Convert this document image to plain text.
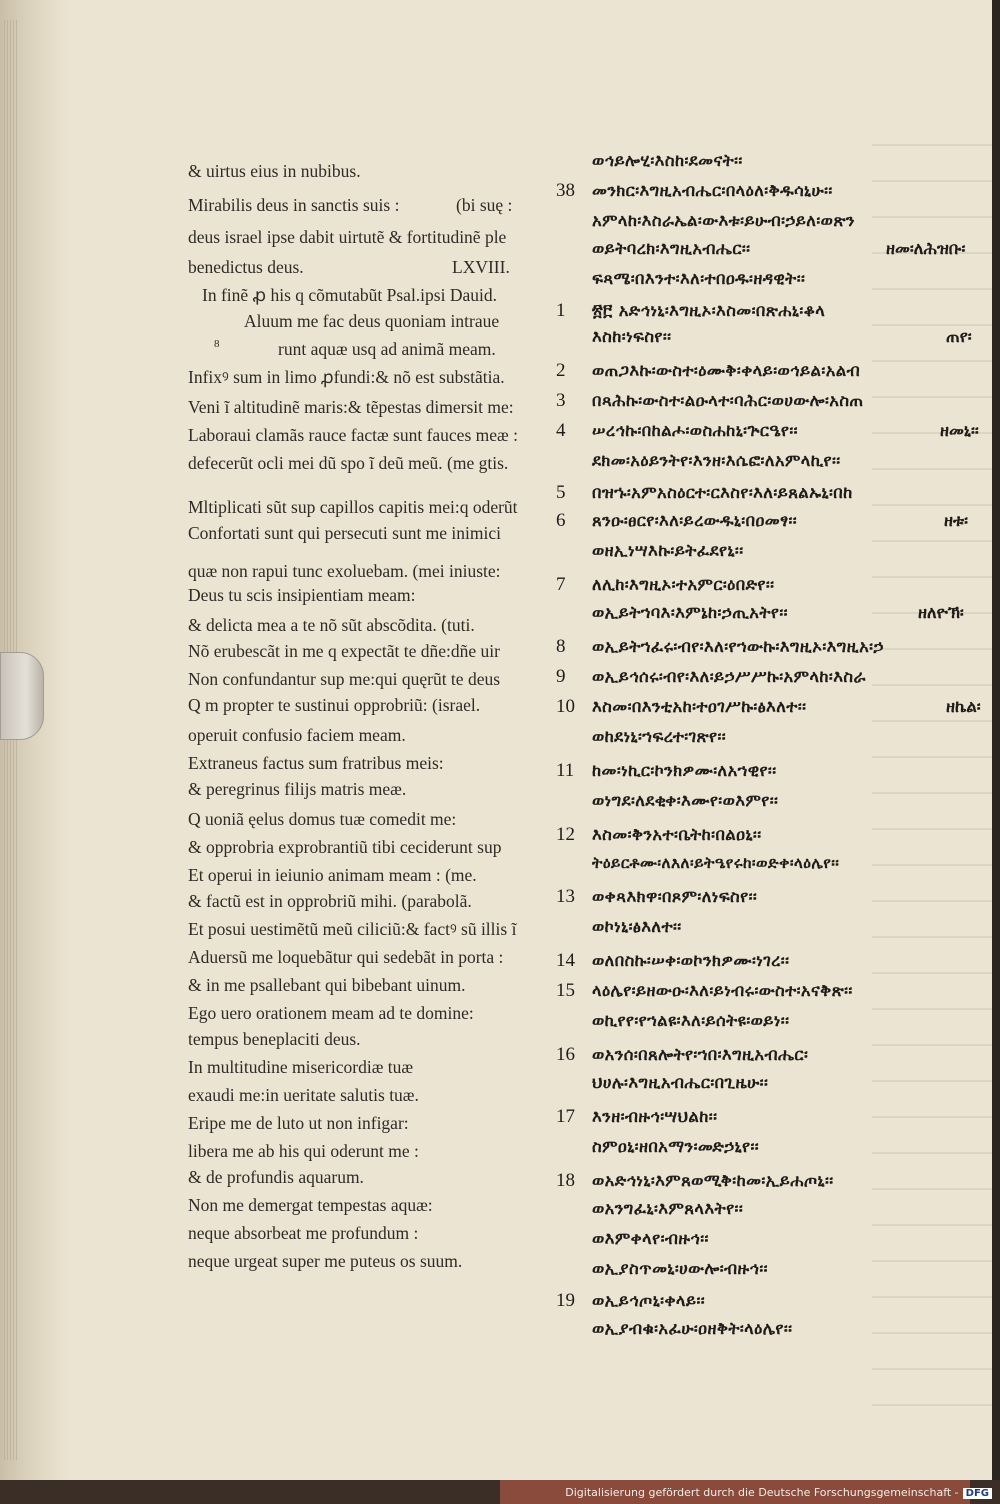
& uirtus eius in nubibus.
Mirabilis deus in sanctis suis :
deus israel ipse dabit uirtutẽ & fortitudinẽ ple
benedictus deus.
In finẽ ꝓ his q cõmutabũt Psal.ipsi Dauid.
Aluum me fac deus quoniam intraue
8	runt aquæ usq ad animã meam.
Infixꝰ sum in limo ꝓfundi:& nõ est substãtia.
Veni ĩ altitudinẽ maris:& tẽpestas dimersit me:
Laboraui clamãs rauce factæ sunt fauces meæ :
defecerũt ocli mei dũ spo ĩ deũ meũ. (me gtis.
Mltiplicati sũt sup capillos capitis mei:q oderũt
Confortati sunt qui persecuti sunt me inimici
quæ non rapui tunc exoluebam. (mei iniuste:
Deus tu scis insipientiam meam:
& delicta mea a te nõ sũt abscõdita. (tuti.
Nõ erubescãt in me q expectãt te dñe:dñe uir
Non confundantur sup me:qui quęrũt te deus
Q m propter te sustinui opprobriũ: (israel.
operuit confusio faciem meam.
Extraneus factus sum fratribus meis:
& peregrinus filijs matris meæ.
Q uoniã ęelus domus tuæ comedit me:
& opprobria exprobrantiũ tibi ceciderunt sup
Et operui in ieiunio animam meam : (me.
& factũ est in opprobriũ mihi. (parabolã.
Et posui uestimẽtũ meũ ciliciũ:& factꝰ sũ illis ĩ
Aduersũ me loquebãtur qui sedebãt in porta :
& in me psallebant qui bibebant uinum.
Ego uero orationem meam ad te domine:
tempus beneplaciti deus.
In multitudine misericordiæ tuæ
exaudi me:in ueritate salutis tuæ.
Eripe me de luto ut non infigar:
libera me ab his qui oderunt me :
& de profundis aquarum.
Non me demergat tempestas aquæ:
neque absorbeat me profundum :
neque urgeat super me puteus os suum.
(bi suę :
LXVIII.
ወኅይሎሂ፡እስከ፡ደመናት፡፡
38	መንክር፡እግዚአብሔር፡በላዕለ፡ቅዱሳኒሁ፡፡
አምላከ፡እስራኤል፡ውእቱ፡ይሁብ፡ኃይለ፡ወጽን
ወይትባረክ፡እግዚአብሔር፡፡	ዘመ፡ለሕዝቡ፡
ፍጻሜ፡በእንተ፡እለ፡ተበዐዱ፡ዘዳዊት፡፡
1	፳፫ አድኅነኒ፡እግዚኦ፡እስመ፡በጽሐኒ፡ቆላ
እስከ፡ነፍስየ፡፡	ጠየ፡
2	ወጠጋእኩ፡ውስተ፡ዕሙቅ፡ቀላይ፡ወኅይል፡አልብ
3	በጻሕኩ፡ውስተ፡ልዑላተ፡ባሕር፡ወሀውሎ፡አስጠ
4	ሠረኅኩ፡በከልሖ፡ወስሐከኒ፡ጕርዔየ፡፡	ዘመኒ፡፡
ደክመ፡አዕይንትየ፡እንዘ፡እሴፎ፡ለአምላኪየ፡፡
5	በዝኁ፡አምአስዕርተ፡ርእስየ፡እለ፡ይጸልኡኒ፡በከ
6	ጸንዑ፡ፀርየ፡እለ፡ይረውዱኒ፡በዐመፃ፡፡	ዘቱ፡
ወዘኢነሣእኩ፡ይትፈደየኒ፡፡
7	ለሊከ፡እግዚኦ፡ተአምር፡ዕበድየ፡፡
ወኢይትኀባእ፡እምኔከ፡ኃጢአትየ፡፡	ዘለዮኽ፡
8	ወኢይትኀፈሩ፡ብየ፡እለ፡የኀውኩ፡እግዚኦ፡እግዚአ፡ኃ
9	ወኢይኅሰሩ፡ብየ፡እለ፡ይኃሥሥኩ፡አምላከ፡እስራ
10	እስመ፡በእንቲአከ፡ተዐገሥኩ፡ፅእለተ፡፡	ዘኬል፡
ወከደነኒ፡ኀፍረተ፡ገጽየ፡፡
11	ከመ፡ነኪር፡ኮንክዎሙ፡ለአኀዊየ፡፡
ወነግደ፡ለደቂቀ፡እሙየ፡ወእምየ፡፡
12	እስመ፡ቅንአተ፡ቤትከ፡በልዐኒ፡፡
ትዕይርቶሙ፡ለእለ፡ይትዔየሩከ፡ወድቀ፡ላዕሌየ፡፡
13	ወቀጻእክዋ፡በጾም፡ለነፍስየ፡፡
ወኮነኒ፡ፅእለተ፡፡
14	ወለበስኩ፡ሠቀ፡ወኮንክዎሙ፡ነገረ፡፡
15	ላዕሌየ፡ይዘውዑ፡እለ፡ይነብሩ፡ውስተ፡አናቅጽ፡፡
ወኪየየ፡የኀልዩ፡እለ፡ይሰትዩ፡ወይነ፡፡
16	ወአንሰ፡በጸሎትየ፡ኀበ፡እግዚአብሔር፡
ህሀሉ፡እግዚአብሔር፡በጊዜሁ፡፡
17	እንዘ፡ብዙኅ፡ሣህልከ፡፡
ስምዐኒ፡ዘበአማን፡መድኃኒየ፡፡
18	ወአድኅነኒ፡እምጸወሚቅ፡ከመ፡ኢይሐጦኒ፡፡
ወአንግፈኒ፡እምጸላእትየ፡፡
ወእምቀላየ፡ብዙኅ፡፡
ወኢያስጥመኒ፡ሀውሎ፡ብዙኅ፡፡
19	ወኢይኅጦኒ፡ቀላይ፡፡
ወኢያብቁ፡አፈሁ፡ዐዘቅት፡ላዕሌየ፡፡
Digitalisierung gefördert durch die Deutsche Forschungsgemeinschaft - DFG
